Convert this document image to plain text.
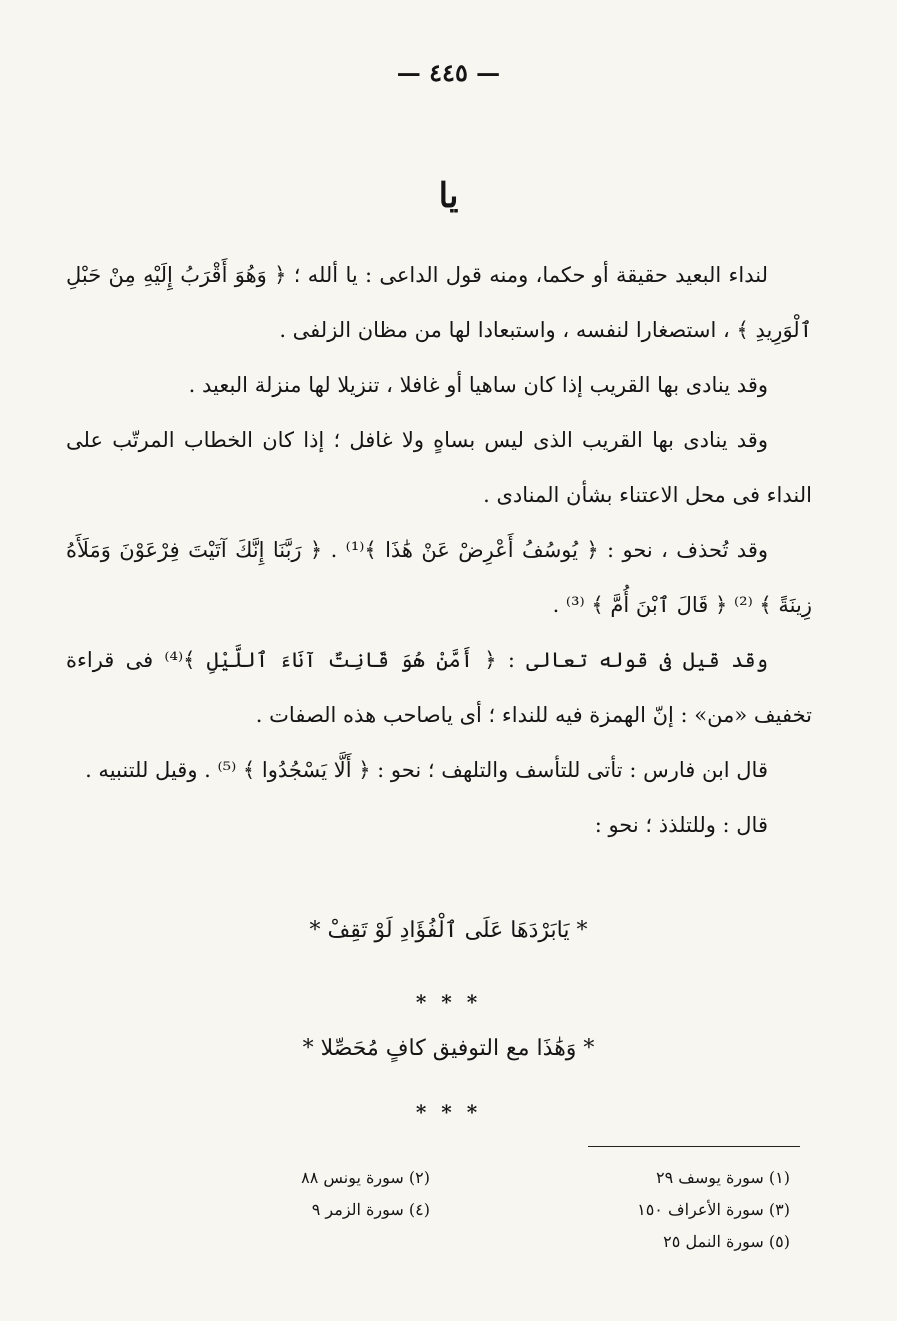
— ٤٤٥ —
يا

لنداء البعيد حقيقة أو حكما، ومنه قول الداعى : يا ألله ؛ ﴿ وَهُوَ أَقْرَبُ إِلَيْهِ مِنْ حَبْلِ ٱلْوَرِيدِ ﴾ ، استصغارا لنفسه ، واستبعادا لها من مظان الزلفى .

وقد ينادى بها القريب إذا كان ساهيا أو غافلا ، تنزيلا لها منزلة البعيد .

وقد ينادى بها القريب الذى ليس بساهٍ ولا غافل ؛ إذا كان الخطاب المرتّب على النداء فى محل الاعتناء بشأن المنادى .

وقد تُحذف ، نحو : ﴿ يُوسُفُ أَعْرِضْ عَنْ هَٰذَا ﴾⁽¹⁾ . ﴿ رَبَّنَا إِنَّكَ آتَيْتَ فِرْعَوْنَ وَمَلَأَهُ زِينَةً ﴾ ⁽²⁾ ﴿ قَالَ ٱبْنَ أُمَّ ﴾ ⁽³⁾ .

وقد قيل فى قوله تعالى : ﴿ أَمَّنْ هُوَ قَانِتٌ آنَاءَ ٱللَّيْلِ ﴾⁽⁴⁾ فى قراءة تخفيف «من» : إنّ الهمزة فيه للنداء ؛ أى ياصاحب هذه الصفات .

قال ابن فارس : تأتى للتأسف والتلهف ؛ نحو : ﴿ أَلَّا يَسْجُدُوا ﴾ ⁽⁵⁾ . وقيل للتنبيه .

قال : وللتلذذ ؛ نحو :

* يَابَرْدَهَا عَلَى ٱلْفُؤَادِ لَوْ تَقِفْ *
* * *
* وَهَٰذَا مع التوفيق كافٍ مُحَصِّلا *
* * *
(١) سورة يوسف ٢٩
(٣) سورة الأعراف ١٥٠
(٥) سورة النمل ٢٥
(٢) سورة يونس ٨٨
(٤) سورة الزمر ٩
